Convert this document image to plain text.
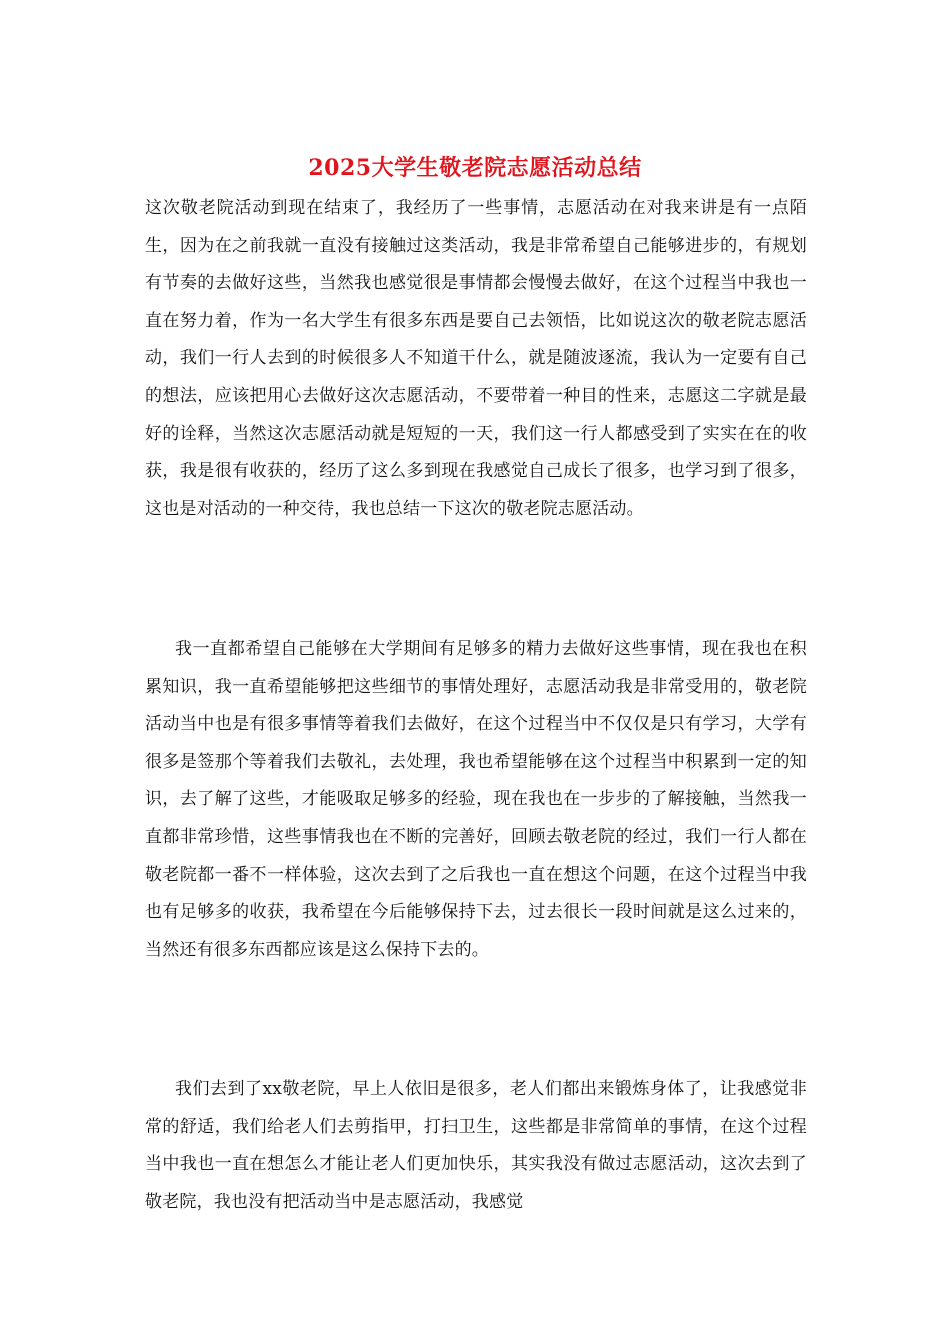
2025大学生敬老院志愿活动总结

这次敬老院活动到现在结束了，我经历了一些事情，志愿活动在对我来讲是有一点陌生，因为在之前我就一直没有接触过这类活动，我是非常希望自己能够进步的，有规划有节奏的去做好这些，当然我也感觉很是事情都会慢慢去做好，在这个过程当中我也一直在努力着，作为一名大学生有很多东西是要自己去领悟，比如说这次的敬老院志愿活动，我们一行人去到的时候很多人不知道干什么，就是随波逐流，我认为一定要有自己的想法，应该把用心去做好这次志愿活动，不要带着一种目的性来，志愿这二字就是最好的诠释，当然这次志愿活动就是短短的一天，我们这一行人都感受到了实实在在的收获，我是很有收获的，经历了这么多到现在我感觉自己成长了很多，也学习到了很多，这也是对活动的一种交待，我也总结一下这次的敬老院志愿活动。

我一直都希望自己能够在大学期间有足够多的精力去做好这些事情，现在我也在积累知识，我一直希望能够把这些细节的事情处理好，志愿活动我是非常受用的，敬老院活动当中也是有很多事情等着我们去做好，在这个过程当中不仅仅是只有学习，大学有很多是签那个等着我们去敬礼，去处理，我也希望能够在这个过程当中积累到一定的知识，去了解了这些，才能吸取足够多的经验，现在我也在一步步的了解接触，当然我一直都非常珍惜，这些事情我也在不断的完善好，回顾去敬老院的经过，我们一行人都在敬老院都一番不一样体验，这次去到了之后我也一直在想这个问题，在这个过程当中我也有足够多的收获，我希望在今后能够保持下去，过去很长一段时间就是这么过来的，当然还有很多东西都应该是这么保持下去的。

我们去到了xx敬老院，早上人依旧是很多，老人们都出来锻炼身体了，让我感觉非常的舒适，我们给老人们去剪指甲，打扫卫生，这些都是非常简单的事情，在这个过程当中我也一直在想怎么才能让老人们更加快乐，其实我没有做过志愿活动，这次去到了敬老院，我也没有把活动当中是志愿活动，我感觉
